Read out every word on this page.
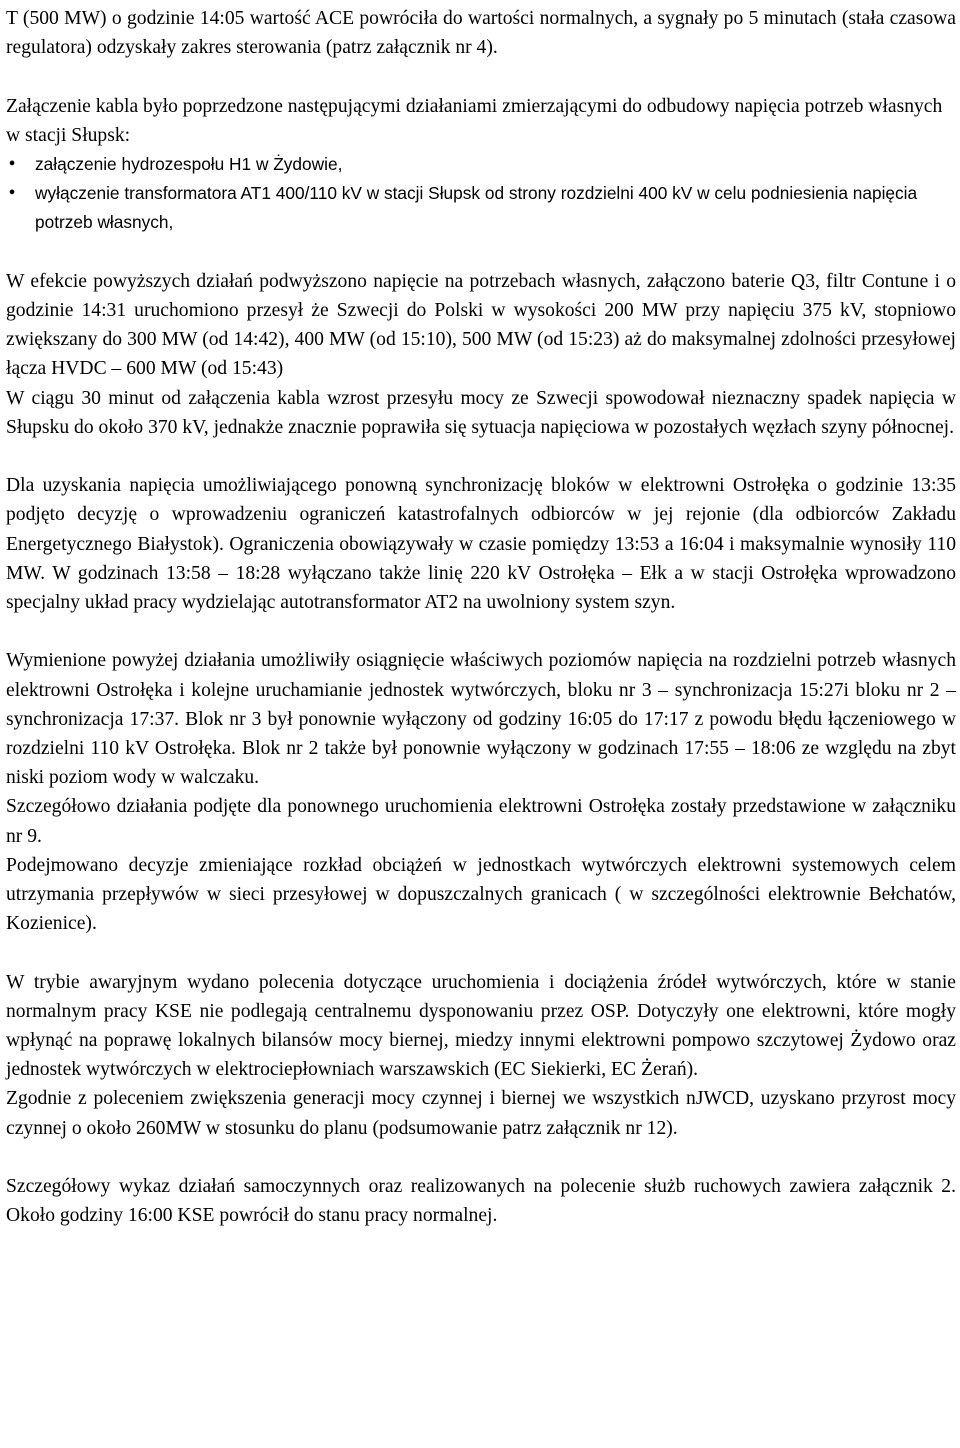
T (500 MW) o godzinie 14:05 wartość ACE powróciła do wartości normalnych, a sygnały po 5 minutach (stała czasowa regulatora) odzyskały zakres sterowania (patrz załącznik nr 4).

Załączenie kabla było poprzedzone następującymi działaniami zmierzającymi do odbudowy napięcia potrzeb własnych w stacji Słupsk:

• załączenie hydrozespołu H1 w Żydowie,
• wyłączenie transformatora AT1 400/110 kV w stacji Słupsk od strony rozdzielni 400 kV w celu podniesienia napięcia potrzeb własnych,

W efekcie powyższych działań podwyższono napięcie na potrzebach własnych, załączono baterie Q3, filtr Contune i o godzinie 14:31 uruchomiono przesył że Szwecji do Polski w wysokości 200 MW przy napięciu 375 kV, stopniowo zwiększany do 300 MW (od 14:42), 400 MW (od 15:10), 500 MW (od 15:23) aż do maksymalnej zdolności przesyłowej łącza HVDC – 600 MW (od 15:43)

W ciągu 30 minut od załączenia kabla wzrost przesyłu mocy ze Szwecji spowodował nieznaczny spadek napięcia w Słupsku do około 370 kV, jednakże znacznie poprawiła się sytuacja napięciowa w pozostałych węzłach szyny północnej.

Dla uzyskania napięcia umożliwiającego ponowną synchronizację bloków w elektrowni Ostrołęka o godzinie 13:35 podjęto decyzję o wprowadzeniu ograniczeń katastrofalnych odbiorców w jej rejonie (dla odbiorców Zakładu Energetycznego Białystok). Ograniczenia obowiązywały w czasie pomiędzy 13:53 a 16:04 i maksymalnie wynosiły 110 MW. W godzinach 13:58 – 18:28 wyłączano także linię 220 kV Ostrołęka – Ełk a w stacji Ostrołęka wprowadzono specjalny układ pracy wydzielając autotransformator AT2 na uwolniony system szyn.

Wymienione powyżej działania umożliwiły osiągnięcie właściwych poziomów napięcia na rozdzielni potrzeb własnych elektrowni Ostrołęka i kolejne uruchamianie jednostek wytwórczych, bloku nr 3 – synchronizacja 15:27i bloku nr 2 – synchronizacja 17:37. Blok nr 3 był ponownie wyłączony od godziny 16:05 do 17:17 z powodu błędu łączeniowego w rozdzielni 110 kV Ostrołęka. Blok nr 2 także był ponownie wyłączony w godzinach 17:55 – 18:06 ze względu na zbyt niski poziom wody w walczaku.

Szczegółowo działania podjęte dla ponownego uruchomienia elektrowni Ostrołęka zostały przedstawione w załączniku nr 9.

Podejmowano decyzje zmieniające rozkład obciążeń w jednostkach wytwórczych elektrowni systemowych celem utrzymania przepływów w sieci przesyłowej w dopuszczalnych granicach ( w szczególności elektrownie Bełchatów, Kozienice).

W trybie awaryjnym wydano polecenia dotyczące uruchomienia i dociążenia źródeł wytwórczych, które w stanie normalnym pracy KSE nie podlegają centralnemu dysponowaniu przez OSP. Dotyczyły one elektrowni, które mogły wpłynąć na poprawę lokalnych bilansów mocy biernej, miedzy innymi elektrowni pompowo szczytowej Żydowo oraz jednostek wytwórczych w elektrociepłowniach warszawskich (EC Siekierki, EC Żerań).

Zgodnie z poleceniem zwiększenia generacji mocy czynnej i biernej we wszystkich nJWCD, uzyskano przyrost mocy czynnej o około 260MW w stosunku do planu (podsumowanie patrz załącznik nr 12).

Szczegółowy wykaz działań samoczynnych oraz realizowanych na polecenie służb ruchowych zawiera załącznik 2. Około godziny 16:00 KSE powrócił do stanu pracy normalnej.
